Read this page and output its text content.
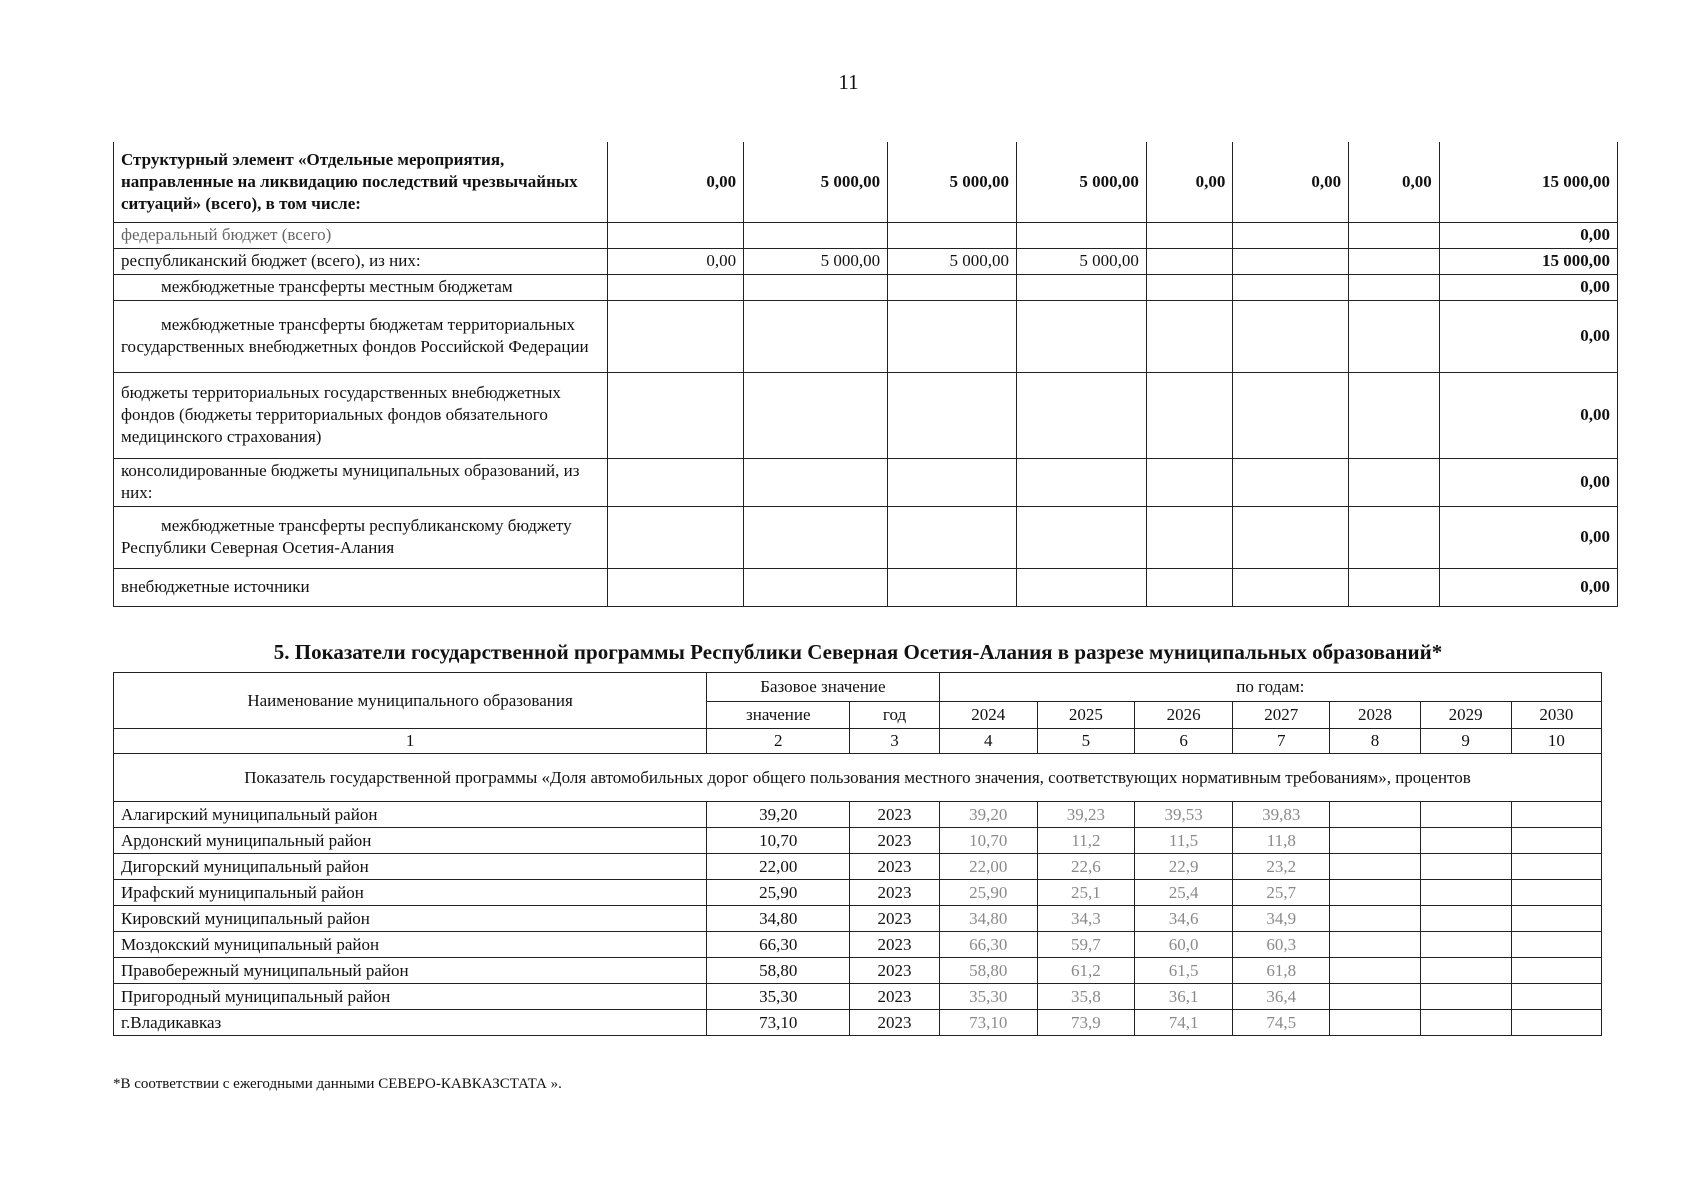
11
Структурный элемент «Отдельные мероприятия, направленные на ликвидацию последствий чрезвычайных ситуаций» (всего), в том числе:	0,00	5 000,00	5 000,00	5 000,00	0,00	0,00	0,00	15 000,00
федеральный бюджет (всего)								0,00
республиканский бюджет (всего), из них:	0,00	5 000,00	5 000,00	5 000,00				15 000,00
межбюджетные трансферты местным бюджетам								0,00
межбюджетные трансферты бюджетам территориальных государственных внебюджетных фондов Российской Федерации								0,00
бюджеты территориальных государственных внебюджетных фондов (бюджеты территориальных фондов обязательного медицинского страхования)								0,00
консолидированные бюджеты муниципальных образований, из них:								0,00
межбюджетные трансферты республиканскому бюджету Республики Северная Осетия-Алания								0,00
внебюджетные источники								0,00
5. Показатели государственной программы Республики Северная Осетия-Алания в разрезе муниципальных образований*
Наименование муниципального образования	Базовое значение		по годам:						
	значение	год	2024	2025	2026	2027	2028	2029	2030
1	2	3	4	5	6	7	8	9	10
Показатель государственной программы «Доля автомобильных дорог общего пользования местного значения, соответствующих нормативным требованиям», процентов									
Алагирский муниципальный район	39,20	2023	39,20	39,23	39,53	39,83			
Ардонский муниципальный район	10,70	2023	10,70	11,2	11,5	11,8			
Дигорский муниципальный район	22,00	2023	22,00	22,6	22,9	23,2			
Ирафский муниципальный район	25,90	2023	25,90	25,1	25,4	25,7			
Кировский муниципальный район	34,80	2023	34,80	34,3	34,6	34,9			
Моздокский муниципальный район	66,30	2023	66,30	59,7	60,0	60,3			
Правобережный муниципальный район	58,80	2023	58,80	61,2	61,5	61,8			
Пригородный муниципальный район	35,30	2023	35,30	35,8	36,1	36,4			
г.Владикавказ	73,10	2023	73,10	73,9	74,1	74,5			
*В соответствии с ежегодными данными СЕВЕРО-КАВКАЗСТАТА ».
